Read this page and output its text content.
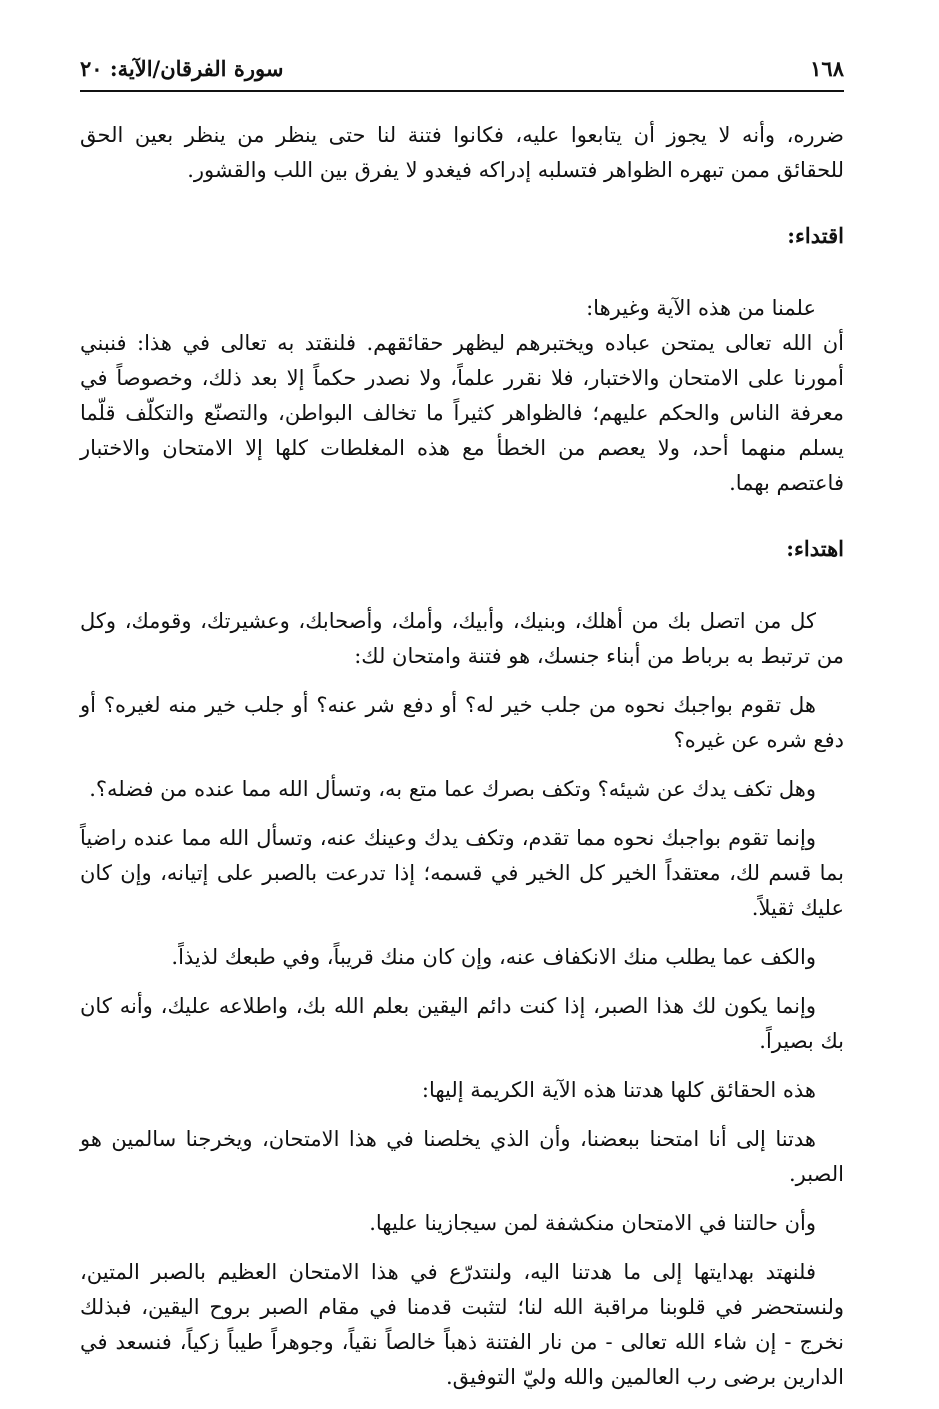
١٦٨
سورة الفرقان/الآية: ٢٠

ضرره، وأنه لا يجوز أن يتابعوا عليه، فكانوا فتنة لنا حتى ينظر من ينظر بعين الحق للحقائق ممن تبهره الظواهر فتسلبه إدراكه فيغدو لا يفرق بين اللب والقشور.

اقتداء:

علمنا من هذه الآية وغيرها:

أن الله تعالى يمتحن عباده ويختبرهم ليظهر حقائقهم. فلنقتد به تعالى في هذا: فنبني أمورنا على الامتحان والاختبار، فلا نقرر علماً، ولا نصدر حكماً إلا بعد ذلك، وخصوصاً في معرفة الناس والحكم عليهم؛ فالظواهر كثيراً ما تخالف البواطن، والتصنّع والتكلّف قلّما يسلم منهما أحد، ولا يعصم من الخطأ مع هذه المغلطات كلها إلا الامتحان والاختبار فاعتصم بهما.

اهتداء:

كل من اتصل بك من أهلك، وبنيك، وأبيك، وأمك، وأصحابك، وعشيرتك، وقومك، وكل من ترتبط به برباط من أبناء جنسك، هو فتنة وامتحان لك:

هل تقوم بواجبك نحوه من جلب خير له؟ أو دفع شر عنه؟ أو جلب خير منه لغيره؟ أو دفع شره عن غيره؟

وهل تكف يدك عن شيئه؟ وتكف بصرك عما متع به، وتسأل الله مما عنده من فضله؟.

وإنما تقوم بواجبك نحوه مما تقدم، وتكف يدك وعينك عنه، وتسأل الله مما عنده راضياً بما قسم لك، معتقداً الخير كل الخير في قسمه؛ إذا تدرعت بالصبر على إتيانه، وإن كان عليك ثقيلاً.

والكف عما يطلب منك الانكفاف عنه، وإن كان منك قريباً، وفي طبعك لذيذاً.

وإنما يكون لك هذا الصبر، إذا كنت دائم اليقين بعلم الله بك، واطلاعه عليك، وأنه كان بك بصيراً.

هذه الحقائق كلها هدتنا هذه الآية الكريمة إليها:

هدتنا إلى أنا امتحنا ببعضنا، وأن الذي يخلصنا في هذا الامتحان، ويخرجنا سالمين هو الصبر.

وأن حالتنا في الامتحان منكشفة لمن سيجازينا عليها.

فلنهتد بهدايتها إلى ما هدتنا اليه، ولنتدرّع في هذا الامتحان العظيم بالصبر المتين، ولنستحضر في قلوبنا مراقبة الله لنا؛ لتثبت قدمنا في مقام الصبر بروح اليقين، فبذلك نخرج - إن شاء الله تعالى - من نار الفتنة ذهباً خالصاً نقياً، وجوهراً طيباً زكياً، فنسعد في الدارين برضى رب العالمين والله وليّ التوفيق.
